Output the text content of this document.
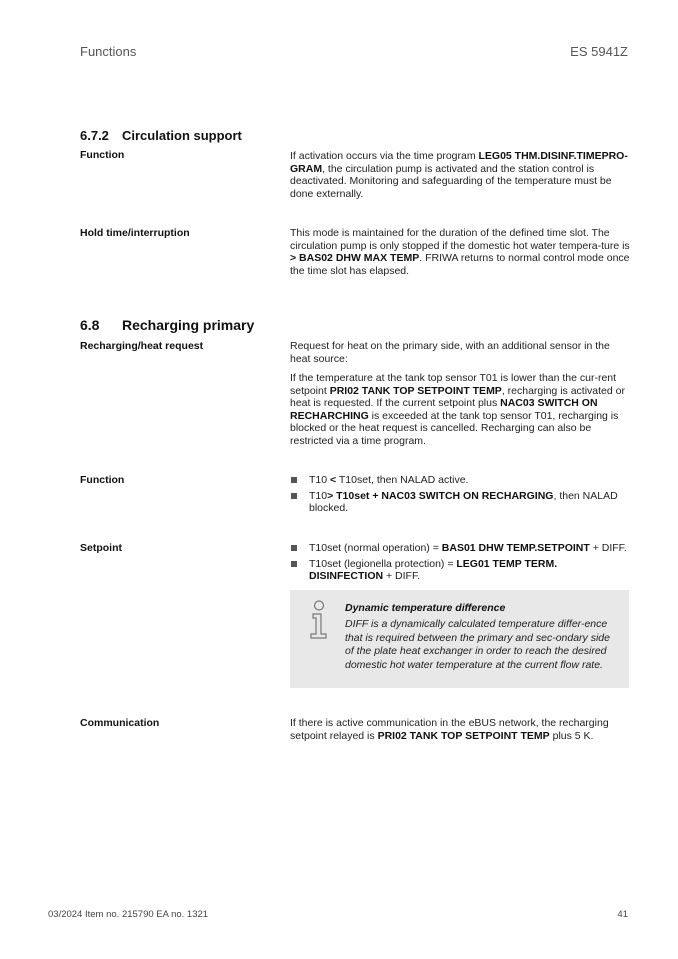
Functions	ES 5941Z
6.7.2 Circulation support
Function	If activation occurs via the time program LEG05 THM.DISINF.TIMEPRO-GRAM, the circulation pump is activated and the station control is deactivated. Monitoring and safeguarding of the temperature must be done externally.

Hold time/interruption	This mode is maintained for the duration of the defined time slot. The circulation pump is only stopped if the domestic hot water tempera-ture is > BAS02 DHW MAX TEMP. FRIWA returns to normal control mode once the time slot has elapsed.

6.8 Recharging primary
Recharging/heat request	Request for heat on the primary side, with an additional sensor in the heat source:

If the temperature at the tank top sensor T01 is lower than the cur-rent setpoint PRI02 TANK TOP SETPOINT TEMP, recharging is activated or heat is requested. If the current setpoint plus NAC03 SWITCH ON RECHARCHING is exceeded at the tank top sensor T01, recharging is blocked or the heat request is cancelled. Recharging can also be restricted via a time program.

Function	T10 < T10set, then NALAD active.
T10> T10set + NAC03 SWITCH ON RECHARGING, then NALAD blocked.
Setpoint	T10set (normal operation) = BAS01 DHW TEMP.SETPOINT + DIFF.
T10set (legionella protection) = LEG01 TEMP TERM. DISINFECTION + DIFF.
Dynamic temperature difference
DIFF is a dynamically calculated temperature differ-ence that is required between the primary and sec-ondary side of the plate heat exchanger in order to reach the desired domestic hot water temperature at the current flow rate.
Communication	If there is active communication in the eBUS network, the recharging setpoint relayed is PRI02 TANK TOP SETPOINT TEMP plus 5 K.

03/2024 Item no. 215790 EA no. 1321	41
